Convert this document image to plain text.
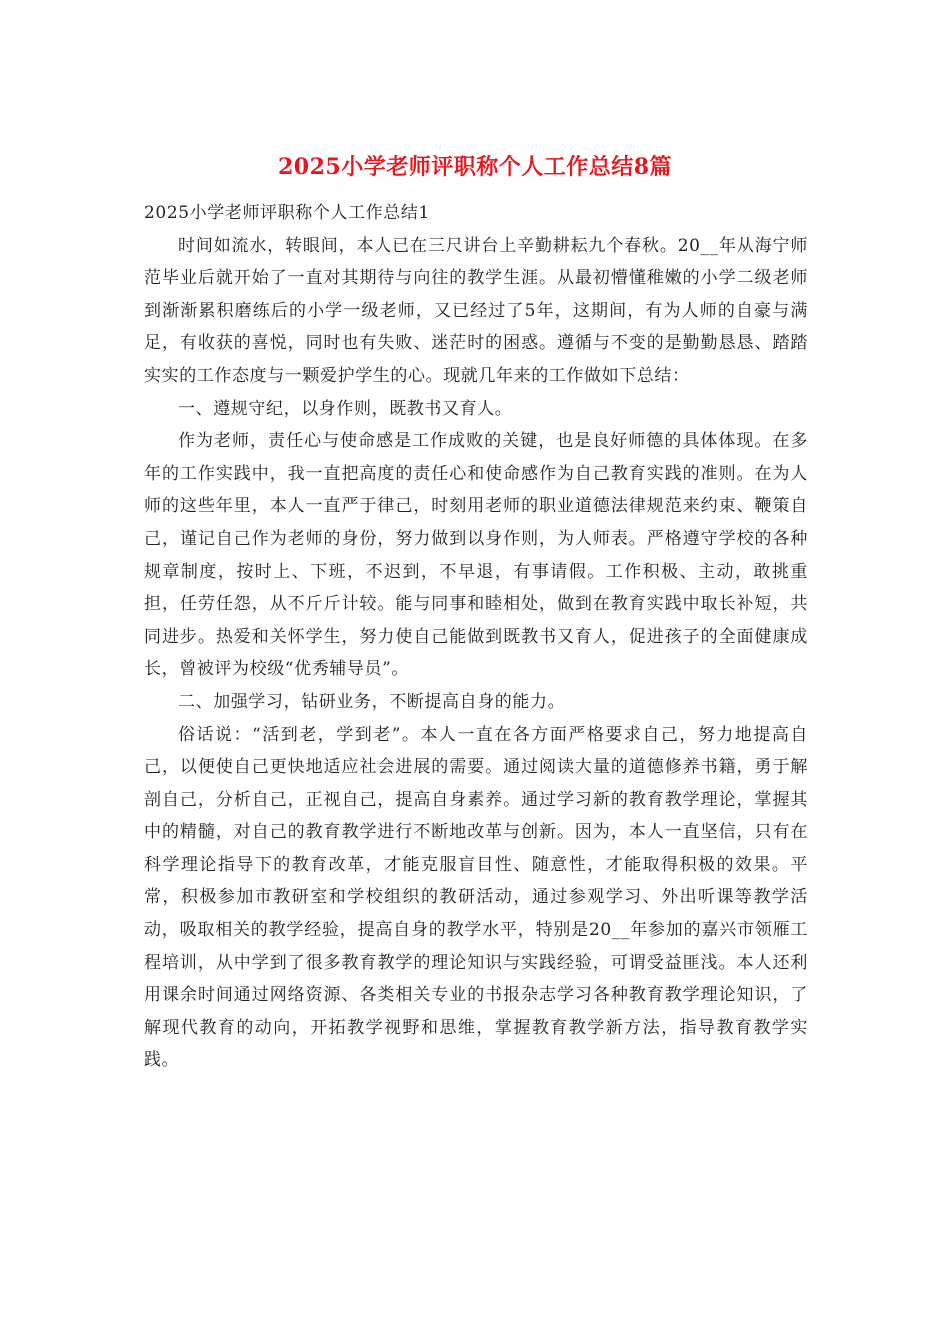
2025小学老师评职称个人工作总结8篇

2025小学老师评职称个人工作总结1

时间如流水，转眼间，本人已在三尺讲台上辛勤耕耘九个春秋。20__年从海宁师范毕业后就开始了一直对其期待与向往的教学生涯。从最初懵懂稚嫩的小学二级老师到渐渐累积磨练后的小学一级老师，又已经过了5年，这期间，有为人师的自豪与满足，有收获的喜悦，同时也有失败、迷茫时的困惑。遵循与不变的是勤勤恳恳、踏踏实实的工作态度与一颗爱护学生的心。现就几年来的工作做如下总结：

一、遵规守纪，以身作则，既教书又育人。

作为老师，责任心与使命感是工作成败的关键，也是良好师德的具体体现。在多年的工作实践中，我一直把高度的责任心和使命感作为自己教育实践的准则。在为人师的这些年里，本人一直严于律己，时刻用老师的职业道德法律规范来约束、鞭策自己，谨记自己作为老师的身份，努力做到以身作则，为人师表。严格遵守学校的各种规章制度，按时上、下班，不迟到，不早退，有事请假。工作积极、主动，敢挑重担，任劳任怨，从不斤斤计较。能与同事和睦相处，做到在教育实践中取长补短，共同进步。热爱和关怀学生，努力使自己能做到既教书又育人，促进孩子的全面健康成长，曾被评为校级“优秀辅导员”。

二、加强学习，钻研业务，不断提高自身的能力。

俗话说：“活到老，学到老”。本人一直在各方面严格要求自己，努力地提高自己，以便使自己更快地适应社会进展的需要。通过阅读大量的道德修养书籍，勇于解剖自己，分析自己，正视自己，提高自身素养。通过学习新的教育教学理论，掌握其中的精髓，对自己的教育教学进行不断地改革与创新。因为，本人一直坚信，只有在科学理论指导下的教育改革，才能克服盲目性、随意性，才能取得积极的效果。平常，积极参加市教研室和学校组织的教研活动，通过参观学习、外出听课等教学活动，吸取相关的教学经验，提高自身的教学水平，特别是20__年参加的嘉兴市领雁工程培训，从中学到了很多教育教学的理论知识与实践经验，可谓受益匪浅。本人还利用课余时间通过网络资源、各类相关专业的书报杂志学习各种教育教学理论知识，了解现代教育的动向，开拓教学视野和思维，掌握教育教学新方法，指导教育教学实践。
